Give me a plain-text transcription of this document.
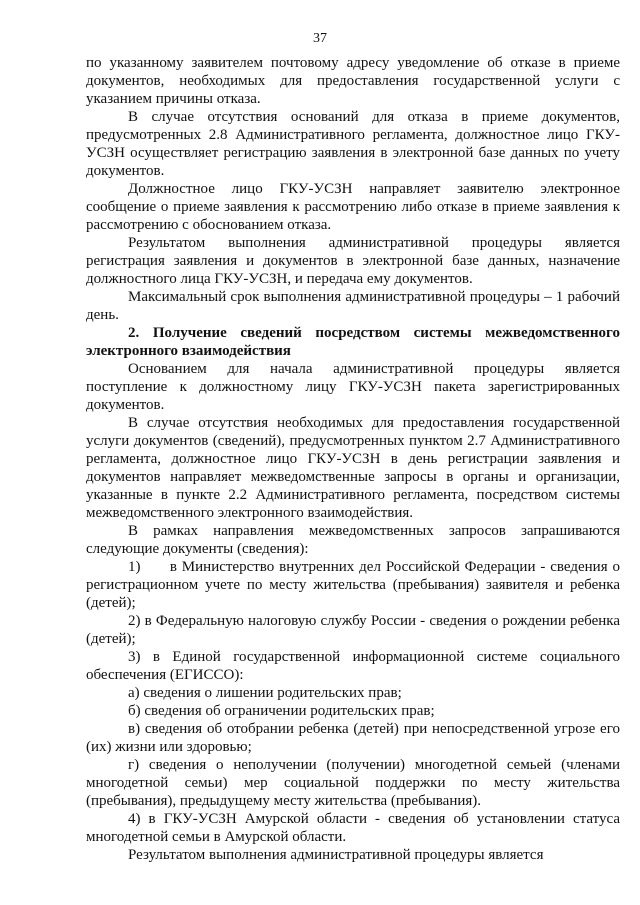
37

по указанному заявителем почтовому адресу уведомление об отказе в приеме документов, необходимых для предоставления государственной услуги с указанием причины отказа.

В случае отсутствия оснований для отказа в приеме документов, предусмотренных 2.8 Административного регламента, должностное лицо ГКУ-УСЗН осуществляет регистрацию заявления в электронной базе данных по учету документов.

Должностное лицо ГКУ-УСЗН направляет заявителю электронное сообщение о приеме заявления к рассмотрению либо отказе в приеме заявления к рассмотрению с обоснованием отказа.

Результатом выполнения административной процедуры является регистрация заявления и документов в электронной базе данных, назначение должностного лица ГКУ-УСЗН, и передача ему документов.

Максимальный срок выполнения административной процедуры – 1 рабочий день.

2. Получение сведений посредством системы межведомственного электронного взаимодействия

Основанием для начала административной процедуры является поступление к должностному лицу ГКУ-УСЗН пакета зарегистрированных документов.

В случае отсутствия необходимых для предоставления государственной услуги документов (сведений), предусмотренных пунктом 2.7 Административного регламента, должностное лицо ГКУ-УСЗН в день регистрации заявления и документов направляет межведомственные запросы в органы и организации, указанные в пункте 2.2 Административного регламента, посредством системы межведомственного электронного взаимодействия.

В рамках направления межведомственных запросов запрашиваются следующие документы (сведения):

1)      в Министерство внутренних дел Российской Федерации - сведения о регистрационном учете по месту жительства (пребывания) заявителя и ребенка (детей);

2) в Федеральную налоговую службу России - сведения о рождении ребенка (детей);

3) в Единой государственной информационной системе социального обеспечения (ЕГИССО):

а) сведения о лишении родительских прав;

б) сведения об ограничении родительских прав;

в) сведения об отобрании ребенка (детей) при непосредственной угрозе его (их) жизни или здоровью;

г) сведения о неполучении (получении) многодетной семьей (членами многодетной семьи) мер социальной поддержки по месту жительства (пребывания), предыдущему месту жительства (пребывания).

4) в ГКУ-УСЗН Амурской области - сведения об установлении статуса многодетной семьи в Амурской области.

Результатом выполнения административной процедуры является
